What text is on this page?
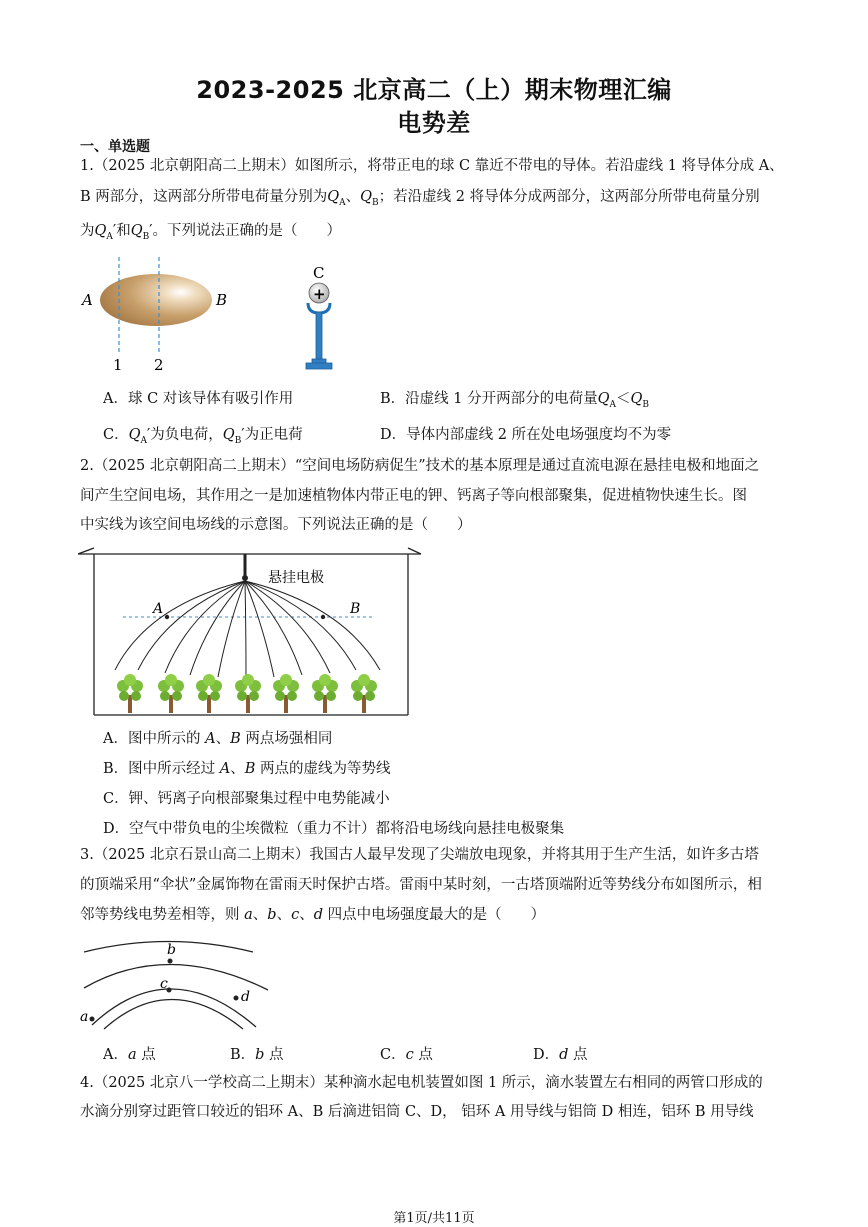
2023-2025 北京高二（上）期末物理汇编
电势差
一、单选题
1.（2025 北京朝阳高二上期末）如图所示，将带正电的球 C 靠近不带电的导体。若沿虚线 1 将导体分成 A、
B 两部分，这两部分所带电荷量分别为$Q_A$、$Q_B$；若沿虚线 2 将导体分成两部分，这两部分所带电荷量分别
为$Q_A'$和$Q_B'$。下列说法正确的是（　　）
A	B
1 2
C
+
A．球 C 对该导体有吸引作用	B．沿虚线 1 分开两部分的电荷量$Q_A<Q_B$
C．$Q_A'$为负电荷，$Q_B'$为正电荷	D．导体内部虚线 2 所在处电场强度均不为零
2.（2025 北京朝阳高二上期末）“空间电场防病促生”技术的基本原理是通过直流电源在悬挂电极和地面之
间产生空间电场，其作用之一是加速植物体内带正电的钾、钙离子等向根部聚集，促进植物快速生长。图
中实线为该空间电场线的示意图。下列说法正确的是（　　）
悬挂电极
A	B
A．图中所示的 A、B 两点场强相同
B．图中所示经过 A、B 两点的虚线为等势线
C．钾、钙离子向根部聚集过程中电势能减小
D．空气中带负电的尘埃微粒（重力不计）都将沿电场线向悬挂电极聚集
3.（2025 北京石景山高二上期末）我国古人最早发现了尖端放电现象，并将其用于生产生活，如许多古塔
的顶端采用“伞状”金属饰物在雷雨天时保护古塔。雷雨中某时刻，一古塔顶端附近等势线分布如图所示，相
邻等势线电势差相等，则 a、b、c、d 四点中电场强度最大的是（　　）
b
c
d
a
A．a 点	B．b 点	C．c 点	D．d 点
4.（2025 北京八一学校高二上期末）某种滴水起电机装置如图 1 所示，滴水装置左右相同的两管口形成的
水滴分别穿过距管口较近的铝环 A、B 后滴进铝筒 C、D， 铝环 A 用导线与铝筒 D 相连，铝环 B 用导线
第1页/共11页
